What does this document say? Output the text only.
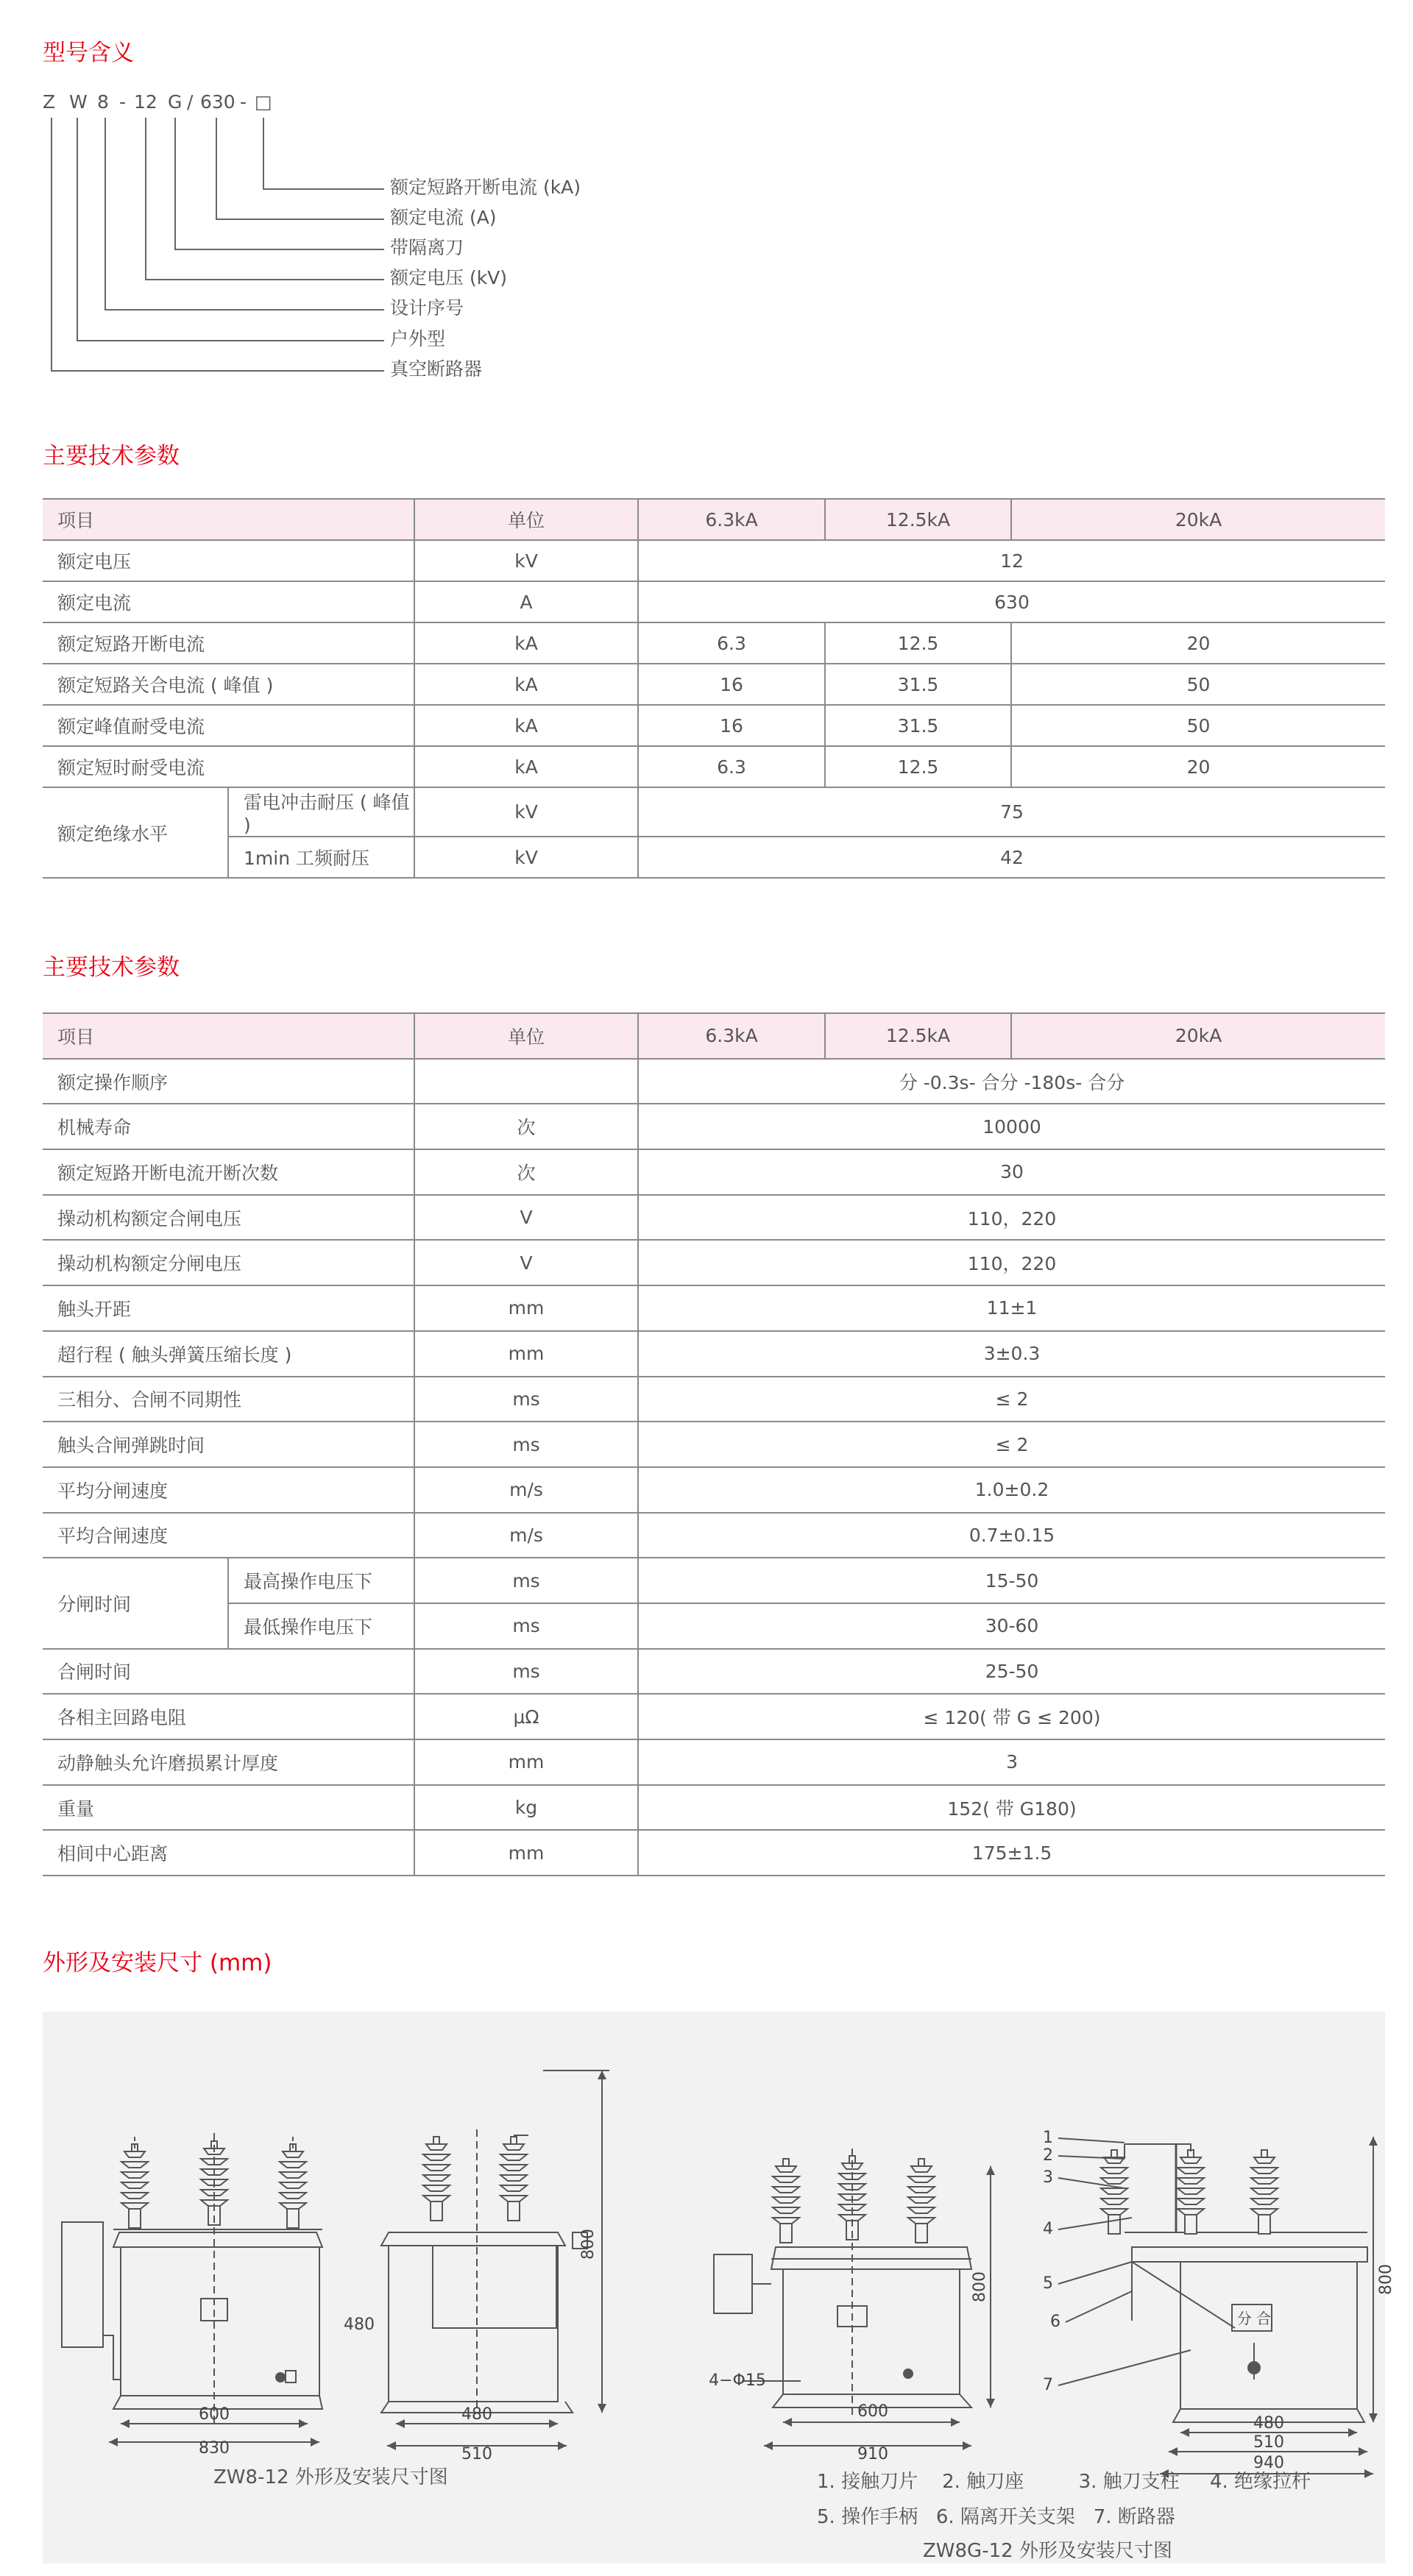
型号含义
Z W 8 - 12 G / 630 - □
额定短路开断电流 (kA)
额定电流 (A)
带隔离刀
额定电压 (kV)
设计序号
户外型
真空断路器
主要技术参数
项目		单位	6.3kA	12.5kA	20kA
额定电压		kV	12		
额定电流		A	630		
额定短路开断电流		kA	6.3	12.5	20
额定短路关合电流 ( 峰值 )		kA	16	31.5	50
额定峰值耐受电流		kA	16	31.5	50
额定短时耐受电流		kA	6.3	12.5	20
额定绝缘水平	雷电冲击耐压 ( 峰值 )	kV	75		
	1min 工频耐压	kV	42		
主要技术参数
项目		单位	6.3kA	12.5kA	20kA
额定操作顺序			分 -0.3s- 合分 -180s- 合分		
机械寿命		次	10000		
额定短路开断电流开断次数		次	30		
操动机构额定合闸电压		V	110，220		
操动机构额定分闸电压		V	110，220		
触头开距		mm	11±1		
超行程 ( 触头弹簧压缩长度 )		mm	3±0.3		
三相分、合闸不同期性		ms	≤ 2		
触头合闸弹跳时间		ms	≤ 2		
平均分闸速度		m/s	1.0±0.2		
平均合闸速度		m/s	0.7±0.15		
分闸时间	最高操作电压下	ms	15-50		
	最低操作电压下	ms	30-60		
合闸时间		ms	25-50		
各相主回路电阻		μΩ	≤ 120( 带 G ≤ 200)		
动静触头允许磨损累计厚度		mm	3		
重量		kg	152( 带 G180)		
相间中心距离		mm	175±1.5		
外形及安装尺寸 (mm)
600
830
480
510
800
480
600
910
800
4−Φ15
分 合
480
510
940
800
1
2
3
4
5
6
7
ZW8-12 外形及安装尺寸图	1. 接触刀片    2. 触刀座         3. 触刀支柱     4. 绝缘拉杆
5. 操作手柄   6. 隔离开关支架   7. 断路器
ZW8G-12 外形及安装尺寸图
